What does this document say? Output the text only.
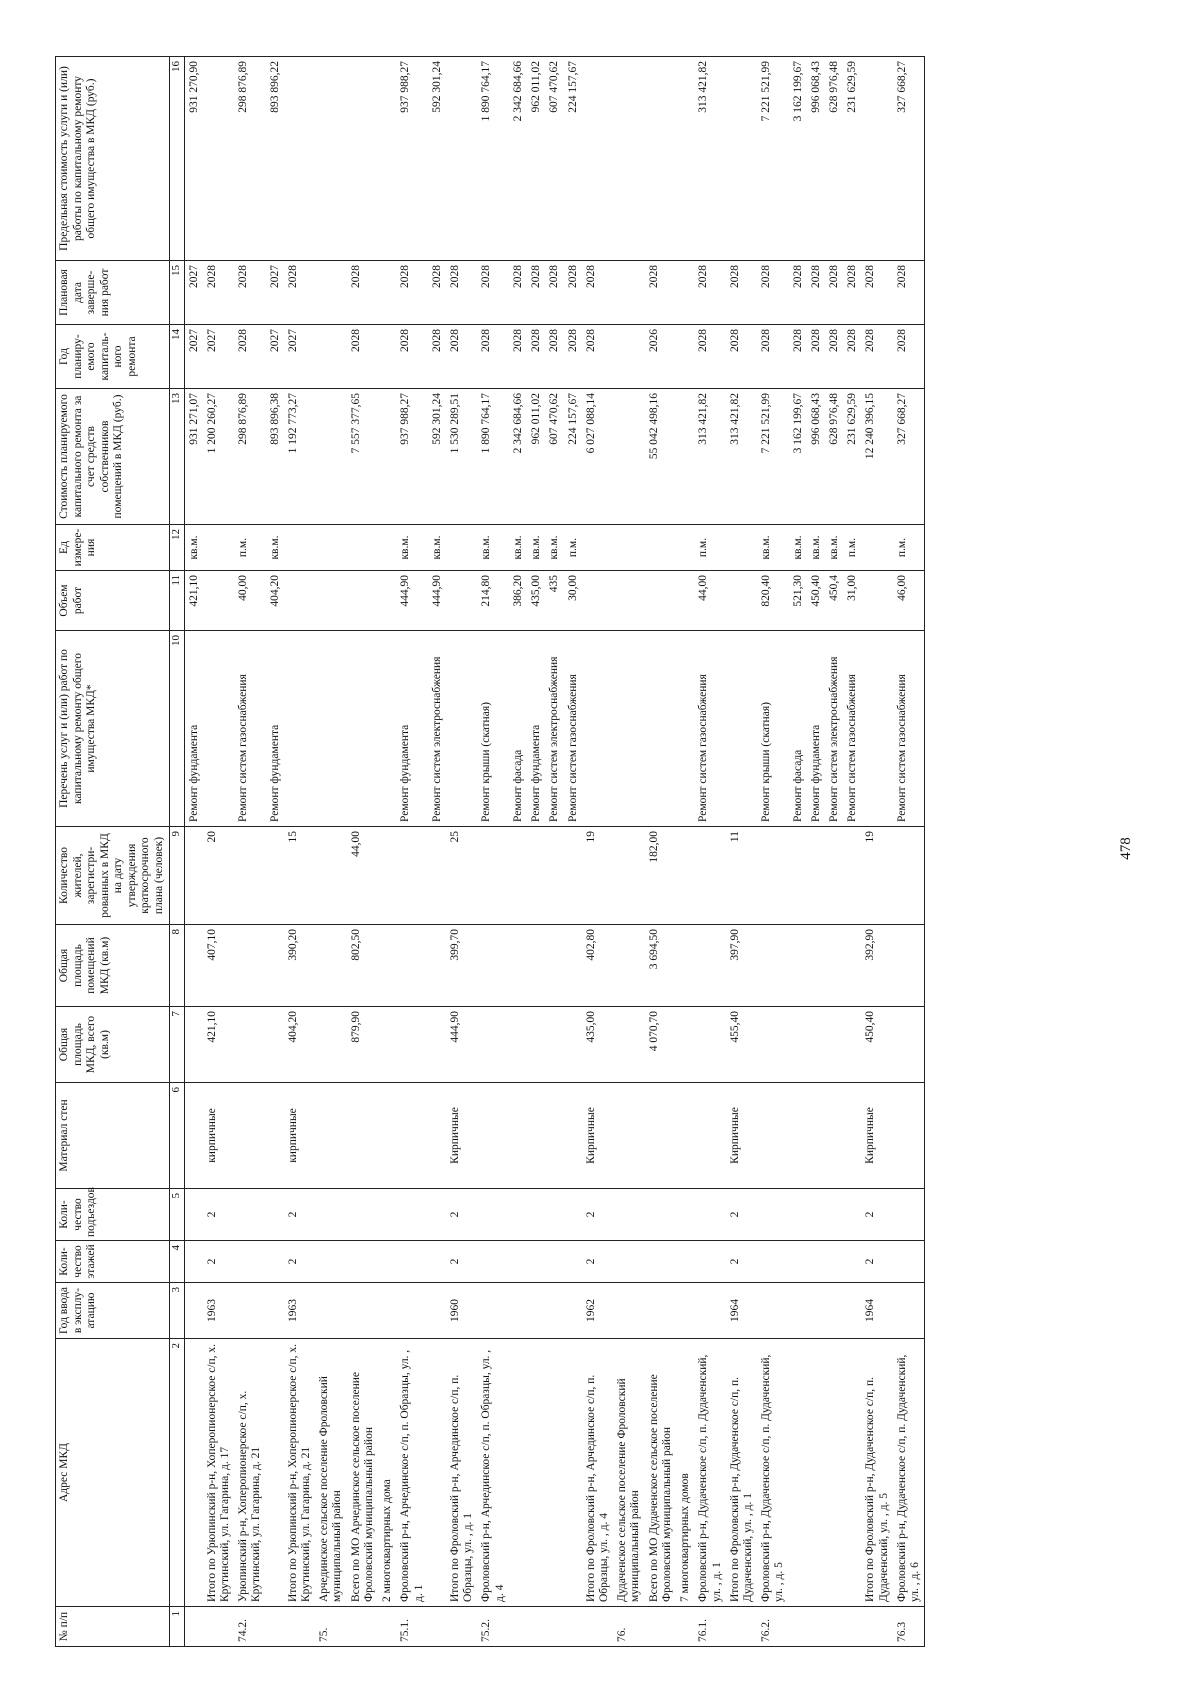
478
№ п/п	Адрес МКД	Год ввода в эксплу-атацию	Коли-чество этажей	Коли-чество подъездов	Материал стен	Общая площадь МКД, всего (кв.м)	Общая площадь помещений МКД (кв.м)	Количество жителей, зарегистри-рованных в МКД на дату утверждения краткосрочного плана (человек)	Перечень услуг и (или) работ по капитальному ремонту общего имущества МКД*	Объем работ	Ед измере-ния	Стоимость планируемого капитального ремонта за счет средств собственников помещений в МКД (руб.)	Год планиру-емого капиталь-ного ремонта	Плановая дата заверше-ния работ	Предельная стоимость услуги и (или) работы по капитальному ремонту общего имущества в МКД (руб.)
1	2	3	4	5	6	7	8	9	10	11	12	13	14	15	16
									Ремонт фундамента	421,10	кв.м.	931 271,07	2027	2027	931 270,90
	Итого по Урюпинский р-н, Хоперопионерское с/п, х. Крутинский, ул. Гагарина, д. 17	1963	2	2	кирпичные	421,10	407,10	20				1 200 260,27	2027	2028	
74.2.	Урюпинский р-н, Хоперопионерское с/п, х. Крутинский, ул. Гагарина, д. 21								Ремонт систем газоснабжения	40,00	п.м.	298 876,89	2028	2028	298 876,89
									Ремонт фундамента	404,20	кв.м.	893 896,38	2027	2027	893 896,22
	Итого по Урюпинский р-н, Хоперопионерское с/п, х. Крутинский, ул. Гагарина, д. 21	1963	2	2	кирпичные	404,20	390,20	15				1 192 773,27	2027	2028	
75.	Арчединское сельское поселение Фроловский муниципальный район														
	Всего по МО Арчединское сельское поселение Фроловский муниципальный район					879,90	802,50	44,00				7 557 377,65	2028	2028	
	2 многоквартирных дома														
75.1.	Фроловский р-н, Арчединское с/п, п. Образцы, ул. , д. 1								Ремонт фундамента	444,90	кв.м.	937 988,27	2028	2028	937 988,27
									Ремонт систем электроснабжения	444,90	кв.м.	592 301,24	2028	2028	592 301,24
	Итого по Фроловский р-н, Арчединское с/п, п. Образцы, ул. , д. 1	1960	2	2	Кирпичные	444,90	399,70	25				1 530 289,51	2028	2028	
75.2.	Фроловский р-н, Арчединское с/п, п. Образцы, ул. , д. 4								Ремонт крыши (скатная)	214,80	кв.м.	1 890 764,17	2028	2028	1 890 764,17
									Ремонт фасада	386,20	кв.м.	2 342 684,66	2028	2028	2 342 684,66
									Ремонт фундамента	435,00	кв.м.	962 011,02	2028	2028	962 011,02
									Ремонт систем электроснабжения	435	кв.м.	607 470,62	2028	2028	607 470,62
									Ремонт систем газоснабжения	30,00	п.м.	224 157,67	2028	2028	224 157,67
	Итого по Фроловский р-н, Арчединское с/п, п. Образцы, ул. , д. 4	1962	2	2	Кирпичные	435,00	402,80	19				6 027 088,14	2028	2028	
76.	Дудаченское сельское поселение Фроловский муниципальный район														
	Всего по МО Дудаченское сельское поселение Фроловский муниципальный район					4 070,70	3 694,50	182,00				55 042 498,16	2026	2028	
	7 многоквартирных домов														
76.1.	Фроловский р-н, Дудаченское с/п, п. Дудаченский, ул. , д. 1								Ремонт систем газоснабжения	44,00	п.м.	313 421,82	2028	2028	313 421,82
	Итого по Фроловский р-н, Дудаченское с/п, п. Дудаченский, ул. , д. 1	1964	2	2	Кирпичные	455,40	397,90	11				313 421,82	2028	2028	
76.2.	Фроловский р-н, Дудаченское с/п, п. Дудаченский, ул. , д. 5								Ремонт крыши (скатная)	820,40	кв.м.	7 221 521,99	2028	2028	7 221 521,99
									Ремонт фасада	521,30	кв.м.	3 162 199,67	2028	2028	3 162 199,67
									Ремонт фундамента	450,40	кв.м.	996 068,43	2028	2028	996 068,43
									Ремонт систем электроснабжения	450,4	кв.м.	628 976,48	2028	2028	628 976,48
									Ремонт систем газоснабжения	31,00	п.м.	231 629,59	2028	2028	231 629,59
	Итого по Фроловский р-н, Дудаченское с/п, п. Дудаченский, ул. , д. 5	1964	2	2	Кирпичные	450,40	392,90	19				12 240 396,15	2028	2028	
76.3	Фроловский р-н, Дудаченское с/п, п. Дудаченский, ул. , д. 6								Ремонт систем газоснабжения	46,00	п.м.	327 668,27	2028	2028	327 668,27
